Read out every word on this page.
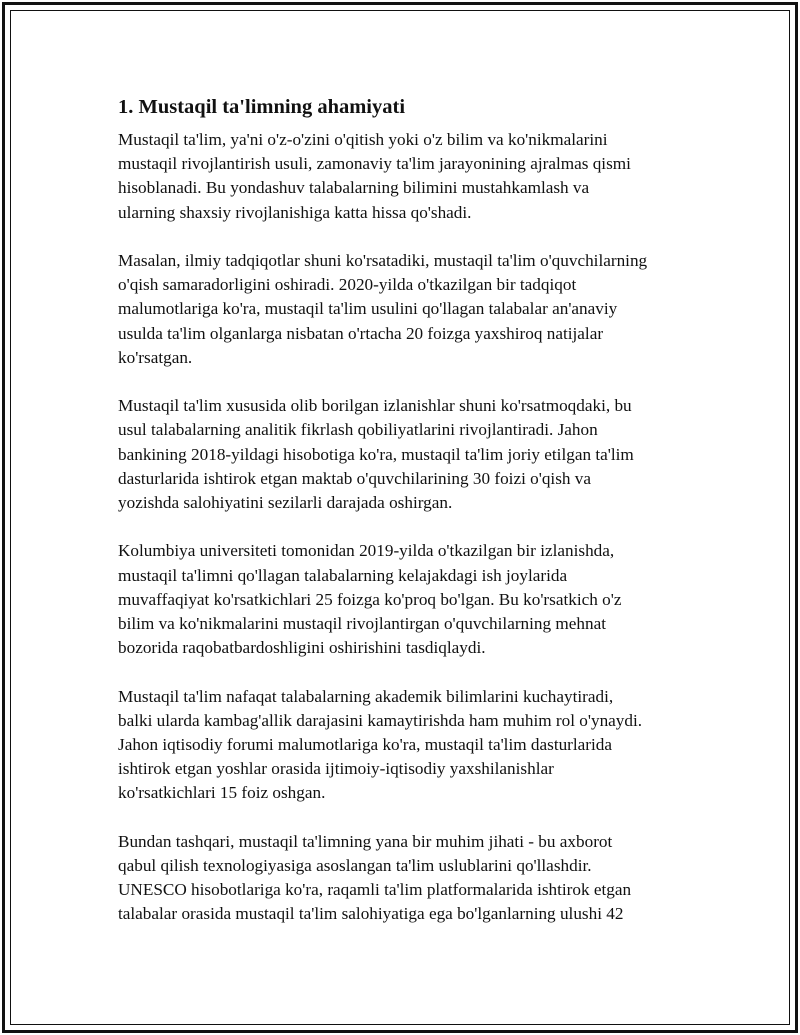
1. Mustaqil ta'limning ahamiyati
Mustaqil ta'lim, ya'ni o'z-o'zini o'qitish yoki o'z bilim va ko'nikmalarini
mustaqil rivojlantirish usuli, zamonaviy ta'lim jarayonining ajralmas qismi
hisoblanadi. Bu yondashuv talabalarning bilimini mustahkamlash va
ularning shaxsiy rivojlanishiga katta hissa qo'shadi.
Masalan, ilmiy tadqiqotlar shuni ko'rsatadiki, mustaqil ta'lim o'quvchilarning
o'qish samaradorligini oshiradi. 2020-yilda o'tkazilgan bir tadqiqot
malumotlariga ko'ra, mustaqil ta'lim usulini qo'llagan talabalar an'anaviy
usulda ta'lim olganlarga nisbatan o'rtacha 20 foizga yaxshiroq natijalar
ko'rsatgan.
Mustaqil ta'lim xususida olib borilgan izlanishlar shuni ko'rsatmoqdaki, bu
usul talabalarning analitik fikrlash qobiliyatlarini rivojlantiradi. Jahon
bankining 2018-yildagi hisobotiga ko'ra, mustaqil ta'lim joriy etilgan ta'lim
dasturlarida ishtirok etgan maktab o'quvchilarining 30 foizi o'qish va
yozishda salohiyatini sezilarli darajada oshirgan.
Kolumbiya universiteti tomonidan 2019-yilda o'tkazilgan bir izlanishda,
mustaqil ta'limni qo'llagan talabalarning kelajakdagi ish joylarida
muvaffaqiyat ko'rsatkichlari 25 foizga ko'proq bo'lgan. Bu ko'rsatkich o'z
bilim va ko'nikmalarini mustaqil rivojlantirgan o'quvchilarning mehnat
bozorida raqobatbardoshligini oshirishini tasdiqlaydi.
Mustaqil ta'lim nafaqat talabalarning akademik bilimlarini kuchaytiradi,
balki ularda kambag'allik darajasini kamaytirishda ham muhim rol o'ynaydi.
Jahon iqtisodiy forumi malumotlariga ko'ra, mustaqil ta'lim dasturlarida
ishtirok etgan yoshlar orasida ijtimoiy-iqtisodiy yaxshilanishlar
ko'rsatkichlari 15 foiz oshgan.
Bundan tashqari, mustaqil ta'limning yana bir muhim jihati - bu axborot
qabul qilish texnologiyasiga asoslangan ta'lim uslublarini qo'llashdir.
UNESCO hisobotlariga ko'ra, raqamli ta'lim platformalarida ishtirok etgan
talabalar orasida mustaqil ta'lim salohiyatiga ega bo'lganlarning ulushi 42
